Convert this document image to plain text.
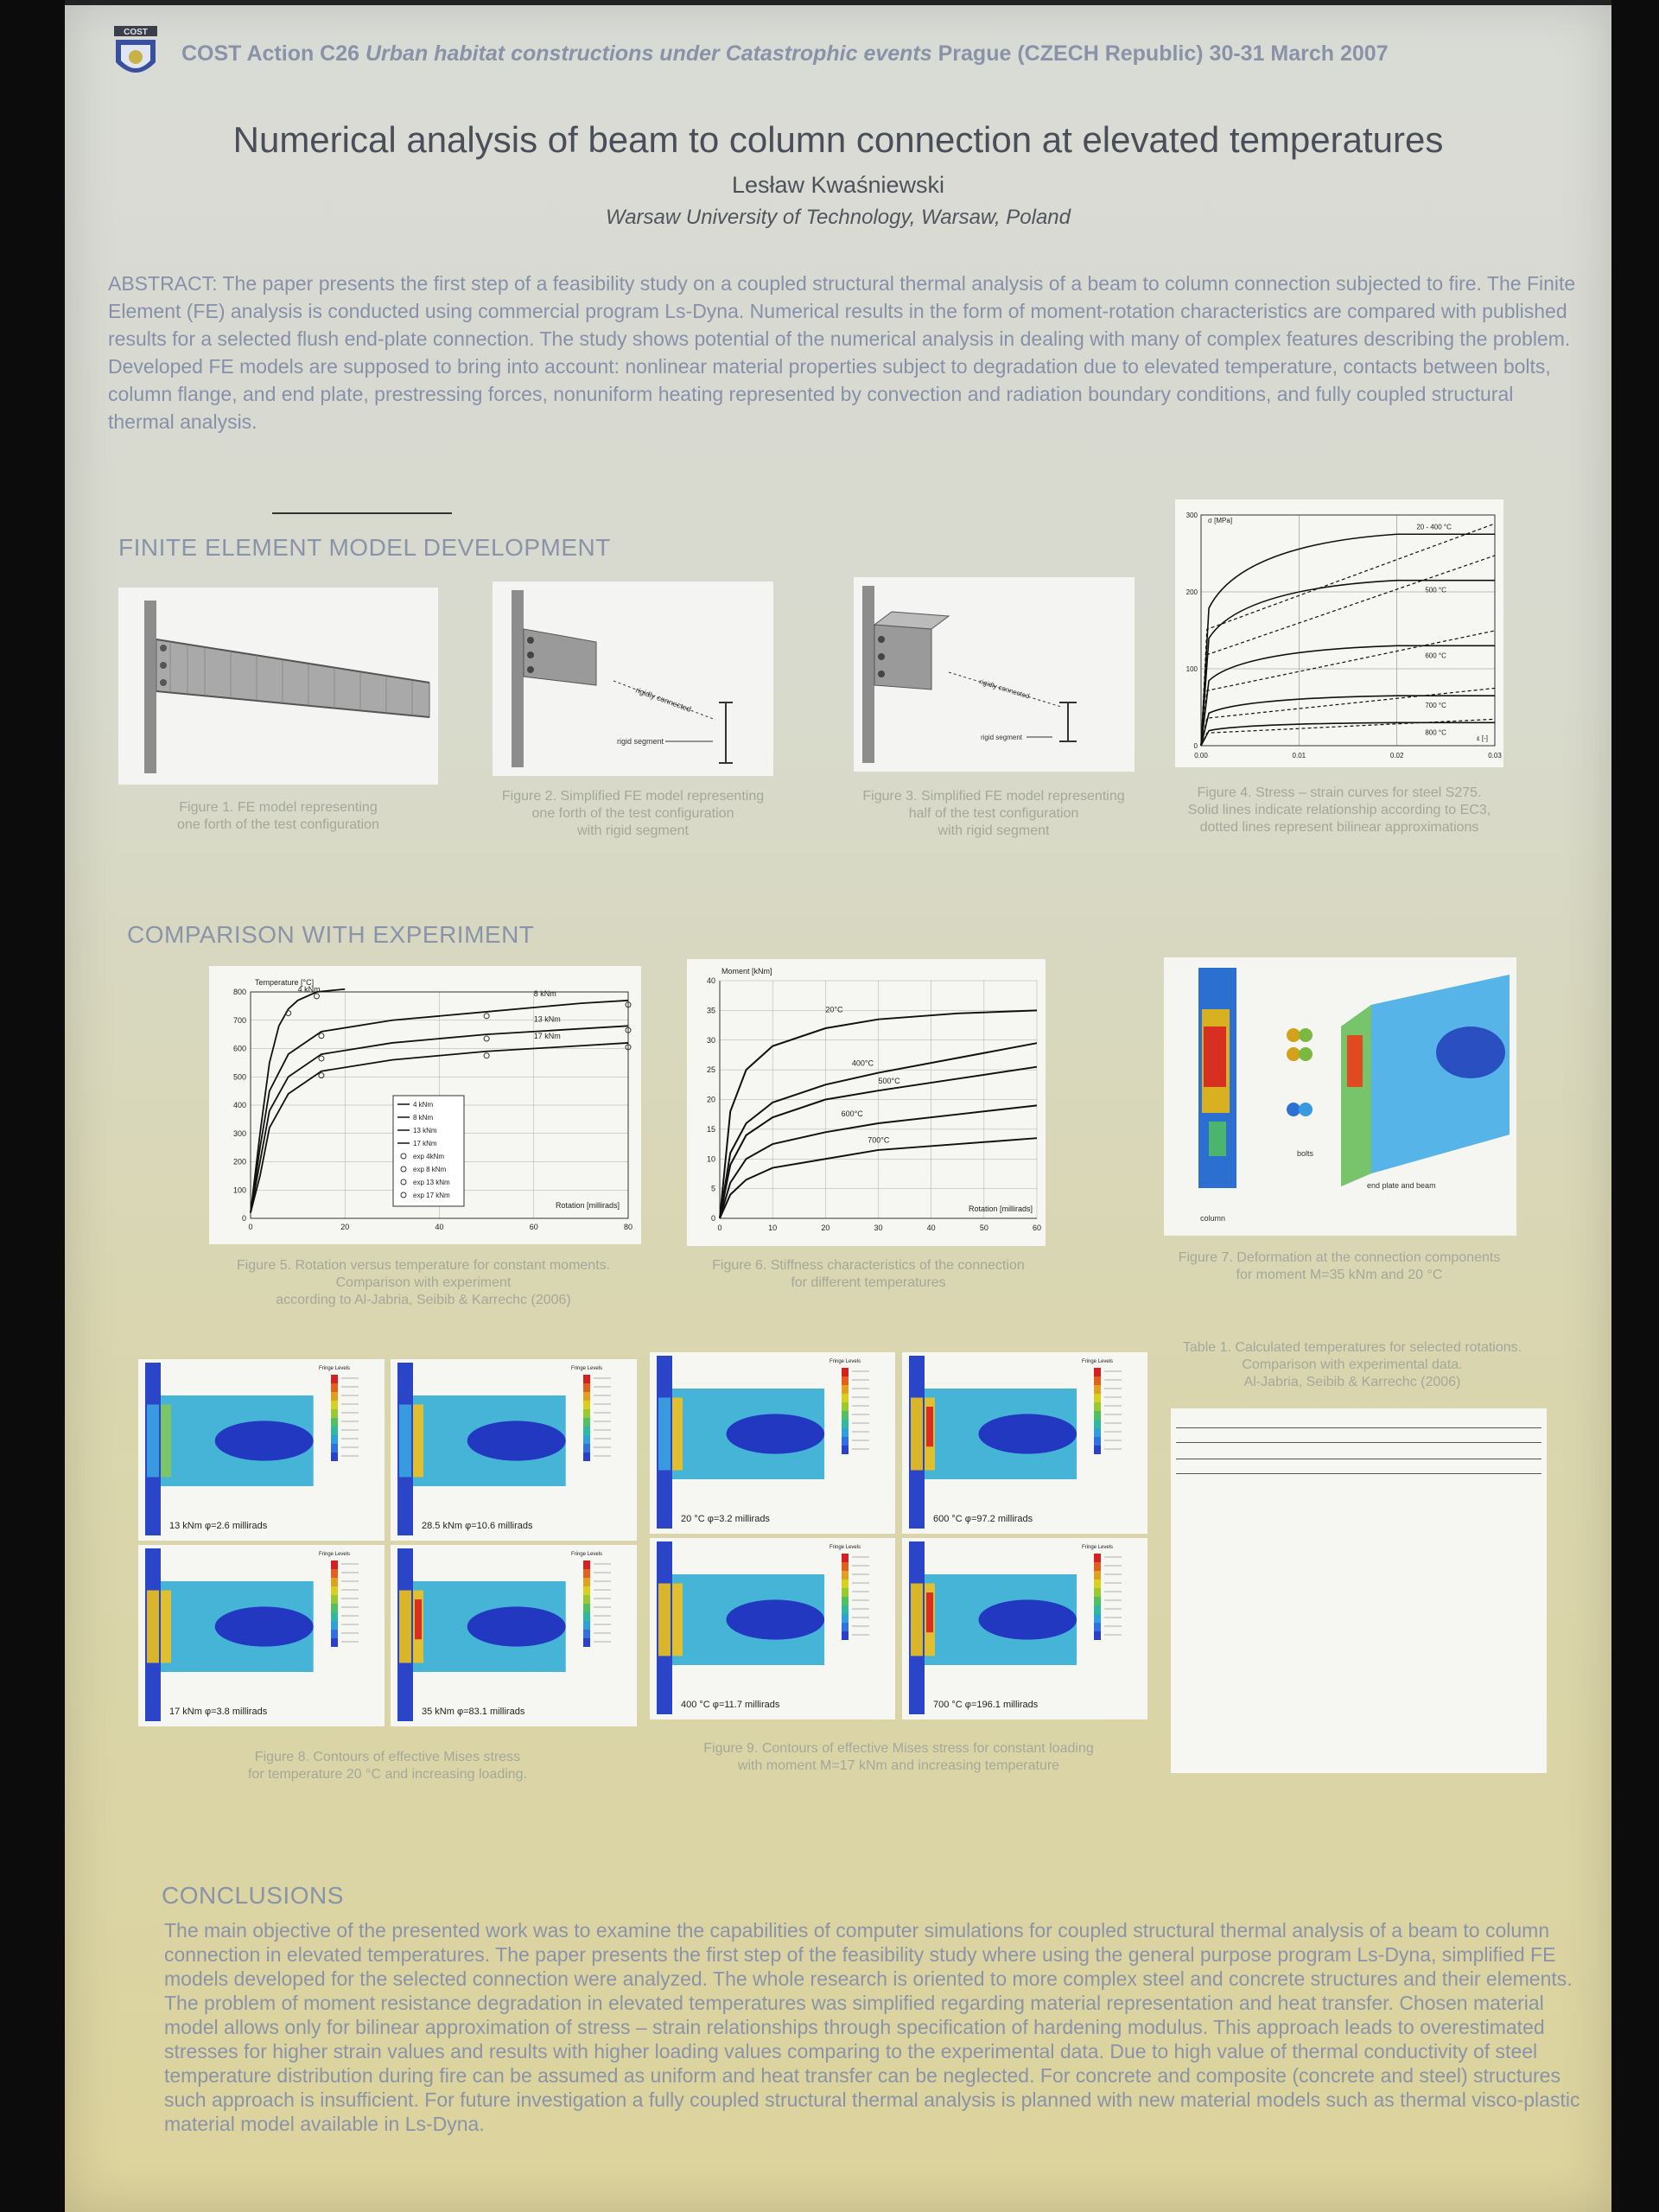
COST
COST Action C26 Urban habitat constructions under Catastrophic events Prague (CZECH Republic) 30-31 March 2007
Numerical analysis of beam to column connection at elevated temperatures
Lesław Kwaśniewski
Warsaw University of Technology, Warsaw, Poland
ABSTRACT: The paper presents the first step of a feasibility study on a coupled structural thermal analysis of a beam to column connection subjected to fire. The Finite Element (FE) analysis is conducted using commercial program Ls-Dyna. Numerical results in the form of moment-rotation characteristics are compared with published results for a selected flush end-plate connection. The study shows potential of the numerical analysis in dealing with many of complex features describing the problem. Developed FE models are supposed to bring into account: nonlinear material properties subject to degradation due to elevated temperature, contacts between bolts, column flange, and end plate, prestressing forces, nonuniform heating represented by convection and radiation boundary conditions, and fully coupled structural thermal analysis.
FINITE ELEMENT MODEL DEVELOPMENT
Figure 1. FE model representing
one forth of the test configuration
rigidly connected
rigid segment
Figure 2. Simplified FE model representing
one forth of the test configuration
with rigid segment
rigidly connected
rigid segment
Figure 3. Simplified FE model representing
half of the test configuration
with rigid segment
0.00	0.01	0.02	0.03
0
100
200
300
σ [MPa]
ε [-]
20 - 400 °C
500 °C
600 °C
700 °C
800 °C
Figure 4. Stress – strain curves for steel S275.
Solid lines indicate relationship according to EC3,
dotted lines represent bilinear approximations
COMPARISON WITH EXPERIMENT
0	20	40	60	80
0
100
200
300
400
500
600
700
800
Temperature [°C]
Rotation [millirads]
4 kNm	8 kNm
13 kNm
17 kNm
4 kNm
8 kNm
13 kNm
17 kNm
exp 4kNm
exp 8 kNm
exp 13 kNm
exp 17 kNm
Figure 5. Rotation versus temperature for constant moments.
Comparison with experiment
according to Al-Jabria, Seibib & Karrechc (2006)
0	10	20	30	40	50	60
0
5
10
15
20
25
30
35
40
Moment [kNm]
Rotation [millirads]
20°C
400°C
500°C
600°C
700°C
Figure 6. Stiffness characteristics of the connection
for different temperatures
bolts
end plate and beam
column
Figure 7. Deformation at the connection components
for moment M=35 kNm and 20 °C
Fringe Levels
13 kNm φ=2.6 millirads
Fringe Levels
28.5 kNm φ=10.6 millirads
Fringe Levels
17 kNm φ=3.8 millirads
Fringe Levels
35 kNm φ=83.1 millirads
Figure 8. Contours of effective Mises stress
for temperature 20 °C and increasing loading.
Fringe Levels
20 °C φ=3.2 millirads
Fringe Levels
600 °C φ=97.2 millirads
Fringe Levels
400 °C φ=11.7 millirads
Fringe Levels
700 °C φ=196.1 millirads
Figure 9. Contours of effective Mises stress for constant loading
with moment M=17 kNm and increasing temperature
Table 1. Calculated temperatures for selected rotations.
Comparison with experimental data.
Al-Jabria, Seibib & Karrechc (2006)

CONCLUSIONS
The main objective of the presented work was to examine the capabilities of computer simulations for coupled structural thermal analysis of a beam to column connection in elevated temperatures. The paper presents the first step of the feasibility study where using the general purpose program Ls-Dyna, simplified FE models developed for the selected connection were analyzed. The whole research is oriented to more complex steel and concrete structures and their elements. The problem of moment resistance degradation in elevated temperatures was simplified regarding material representation and heat transfer. Chosen material model allows only for bilinear approximation of stress – strain relationships through specification of hardening modulus. This approach leads to overestimated stresses for higher strain values and results with higher loading values comparing to the experimental data. Due to high value of thermal conductivity of steel temperature distribution during fire can be assumed as uniform and heat transfer can be neglected. For concrete and composite (concrete and steel) structures such approach is insufficient. For future investigation a fully coupled structural thermal analysis is planned with new material models such as thermal visco-plastic material model available in Ls-Dyna.
